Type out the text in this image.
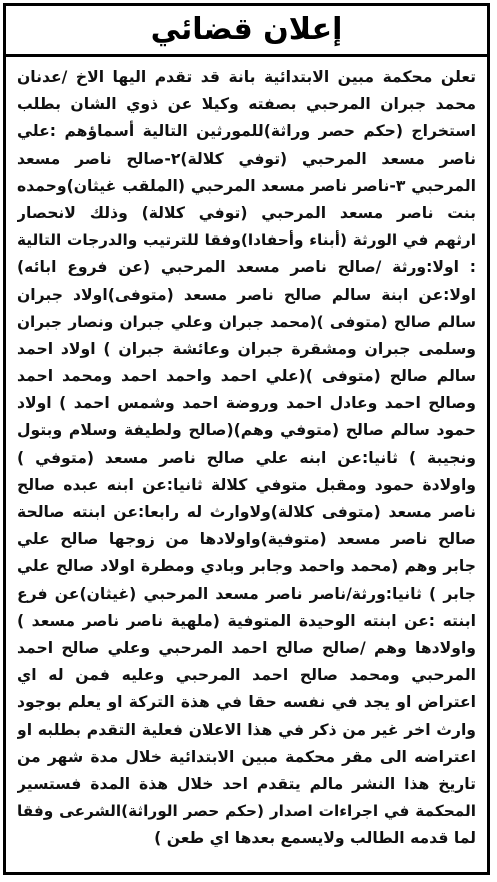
إعلان قضائي
تعلن محكمة مبين الابتدائية بانة قد تقدم اليها الاخ /عدنان
محمد جبران المرحبي بصفته وكيلا عن ذوي الشان بطلب
استخراج (حكم حصر وراثة)للمورثين التالية أسماؤهم :علي
ناصر مسعد المرحبي (توفي كلالة)٢-صالح ناصر مسعد
المرحبي ٣-ناصر ناصر مسعد المرحبي (الملقب غيثان)وحمده
بنت ناصر مسعد المرحبي (توفي كلالة) وذلك لانحصار
ارثهم في الورثة (أبناء وأحفادا)وفقا للترتيب والدرجات التالية
: اولا:ورثة /صالح ناصر مسعد المرحبي (عن فروع ابائه)
اولا:عن ابنة سالم صالح ناصر مسعد (متوفى)اولاد جبران
سالم صالح (متوفى )(محمد جبران وعلي جبران ونصار جبران
وسلمى جبران ومشقرة جبران وعائشة جبران ) اولاد احمد
سالم صالح (متوفى )(علي احمد واحمد احمد ومحمد احمد
وصالح احمد وعادل احمد وروضة احمد وشمس احمد ) اولاد
حمود سالم صالح (متوفي وهم)(صالح ولطيفة وسلام وبتول
ونجيبة ) ثانيا:عن ابنه علي صالح ناصر مسعد (متوفي )
واولادة حمود ومقبل متوفي كلالة ثانيا:عن ابنه عبده صالح
ناصر مسعد (متوفى كلالة)ولاوارث له رابعا:عن ابنته صالحة
صالح ناصر مسعد (متوفية)واولادها من زوجها صالح علي
جابر وهم (محمد واحمد وجابر وبادي ومطرة اولاد صالح علي
جابر ) ثانيا:ورثة/ناصر ناصر مسعد المرحبي (غيثان)عن فرع
ابنته :عن ابنته الوحيدة المتوفية (ملهية ناصر ناصر مسعد )
واولادها وهم /صالح صالح احمد المرحبي وعلي صالح احمد
المرحبي ومحمد صالح احمد المرحبي وعليه فمن له اي
اعتراض او يجد في نفسه حقا في هذة التركة او يعلم بوجود
وارث اخر غير من ذكر في هذا الاعلان فعلية التقدم بطلبه او
اعتراضه الى مقر محكمة مبين الابتدائية خلال مدة شهر من
تاريخ هذا النشر مالم يتقدم احد خلال هذة المدة فستسير
المحكمة في اجراءات اصدار (حكم حصر الوراثة)الشرعى وفقا
لما قدمه الطالب ولايسمع بعدها اي طعن )
